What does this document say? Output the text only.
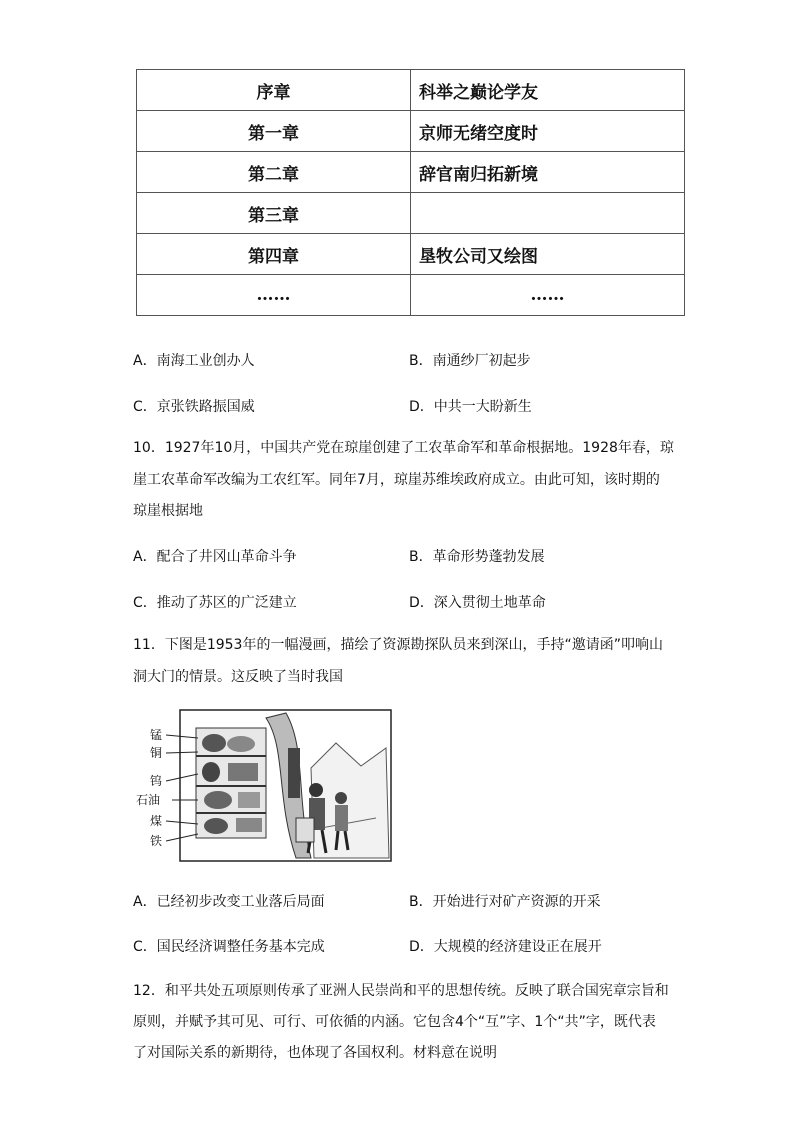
序章	科举之巅论学友
第一章	京师无绪空度时
第二章	辞官南归拓新境
第三章	
第四章	垦牧公司又绘图
……	……
A．南海工业创办人	B．南通纱厂初起步
C．京张铁路振国威	D．中共一大盼新生
10．1927年10月，中国共产党在琼崖创建了工农革命军和革命根据地。1928年春，琼
崖工农革命军改编为工农红军。同年7月，琼崖苏维埃政府成立。由此可知，该时期的
琼崖根据地
A．配合了井冈山革命斗争	B．革命形势蓬勃发展
C．推动了苏区的广泛建立	D．深入贯彻土地革命
11．下图是1953年的一幅漫画，描绘了资源勘探队员来到深山，手持“邀请函”叩响山
洞大门的情景。这反映了当时我国
锰
铜
钨
石油
煤
铁
A．已经初步改变工业落后局面	B．开始进行对矿产资源的开采
C．国民经济调整任务基本完成	D．大规模的经济建设正在展开
12．和平共处五项原则传承了亚洲人民崇尚和平的思想传统。反映了联合国宪章宗旨和
原则，并赋予其可见、可行、可依循的内涵。它包含4个“互”字、1个“共”字，既代表
了对国际关系的新期待，也体现了各国权利。材料意在说明
